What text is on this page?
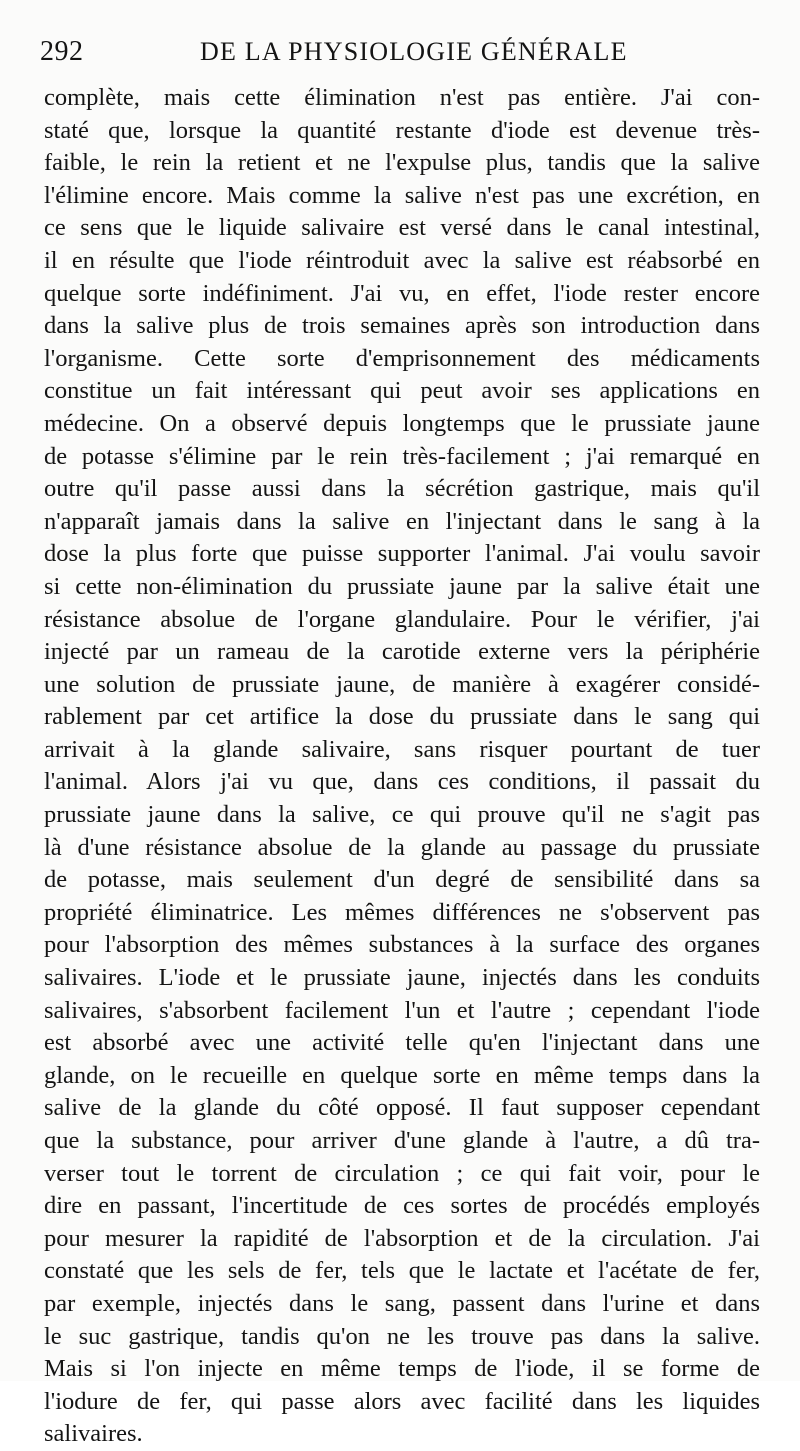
292	DE LA PHYSIOLOGIE GÉNÉRALE
complète, mais cette élimination n'est pas entière. J'ai con-
staté que, lorsque la quantité restante d'iode est devenue très-
faible, le rein la retient et ne l'expulse plus, tandis que la salive
l'élimine encore. Mais comme la salive n'est pas une excrétion, en
ce sens que le liquide salivaire est versé dans le canal intestinal,
il en résulte que l'iode réintroduit avec la salive est réabsorbé en
quelque sorte indéfiniment. J'ai vu, en effet, l'iode rester encore
dans la salive plus de trois semaines après son introduction dans
l'organisme. Cette sorte d'emprisonnement des médicaments
constitue un fait intéressant qui peut avoir ses applications en
médecine. On a observé depuis longtemps que le prussiate jaune
de potasse s'élimine par le rein très-facilement ; j'ai remarqué en
outre qu'il passe aussi dans la sécrétion gastrique, mais qu'il
n'apparaît jamais dans la salive en l'injectant dans le sang à la
dose la plus forte que puisse supporter l'animal. J'ai voulu savoir
si cette non-élimination du prussiate jaune par la salive était une
résistance absolue de l'organe glandulaire. Pour le vérifier, j'ai
injecté par un rameau de la carotide externe vers la périphérie
une solution de prussiate jaune, de manière à exagérer considé-
rablement par cet artifice la dose du prussiate dans le sang qui
arrivait à la glande salivaire, sans risquer pourtant de tuer
l'animal. Alors j'ai vu que, dans ces conditions, il passait du
prussiate jaune dans la salive, ce qui prouve qu'il ne s'agit pas
là d'une résistance absolue de la glande au passage du prussiate
de potasse, mais seulement d'un degré de sensibilité dans sa
propriété éliminatrice. Les mêmes différences ne s'observent pas
pour l'absorption des mêmes substances à la surface des organes
salivaires. L'iode et le prussiate jaune, injectés dans les conduits
salivaires, s'absorbent facilement l'un et l'autre ; cependant l'iode
est absorbé avec une activité telle qu'en l'injectant dans une
glande, on le recueille en quelque sorte en même temps dans la
salive de la glande du côté opposé. Il faut supposer cependant
que la substance, pour arriver d'une glande à l'autre, a dû tra-
verser tout le torrent de circulation ; ce qui fait voir, pour le
dire en passant, l'incertitude de ces sortes de procédés employés
pour mesurer la rapidité de l'absorption et de la circulation. J'ai
constaté que les sels de fer, tels que le lactate et l'acétate de fer,
par exemple, injectés dans le sang, passent dans l'urine et dans
le suc gastrique, tandis qu'on ne les trouve pas dans la salive.
Mais si l'on injecte en même temps de l'iode, il se forme de
l'iodure de fer, qui passe alors avec facilité dans les liquides
salivaires.
